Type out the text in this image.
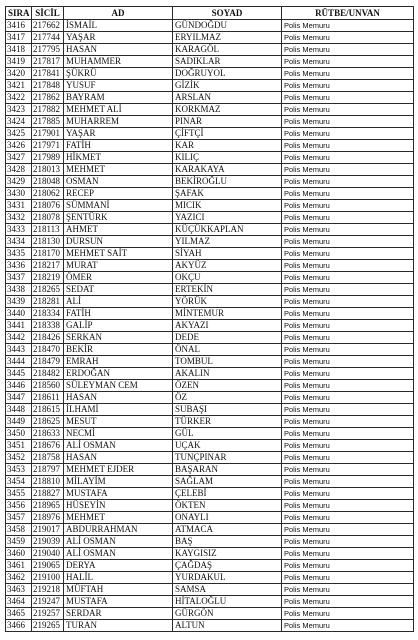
SIRA	SİCİL	AD	SOYAD	RÜTBE/UNVAN
3416	217662	İSMAİL	GÜNDOĞDU	Polis Memuru
3417	217744	YAŞAR	ERYILMAZ	Polis Memuru
3418	217795	HASAN	KARAGÖL	Polis Memuru
3419	217817	MUHAMMER	SADIKLAR	Polis Memuru
3420	217841	ŞÜKRÜ	DOĞRUYOL	Polis Memuru
3421	217848	YUSUF	GİZİK	Polis Memuru
3422	217862	BAYRAM	ARSLAN	Polis Memuru
3423	217882	MEHMET ALİ	KORKMAZ	Polis Memuru
3424	217885	MUHARREM	PINAR	Polis Memuru
3425	217901	YAŞAR	ÇİFTÇİ	Polis Memuru
3426	217971	FATİH	KAR	Polis Memuru
3427	217989	HİKMET	KILIÇ	Polis Memuru
3428	218013	MEHMET	KARAKAYA	Polis Memuru
3429	218048	OSMAN	BEKİROĞLU	Polis Memuru
3430	218062	RECEP	ŞAFAK	Polis Memuru
3431	218076	SÜMMANİ	MICIK	Polis Memuru
3432	218078	ŞENTÜRK	YAZICI	Polis Memuru
3433	218113	AHMET	KÜÇÜKKAPLAN	Polis Memuru
3434	218130	DURSUN	YILMAZ	Polis Memuru
3435	218170	MEHMET SAİT	SİYAH	Polis Memuru
3436	218217	MURAT	AKYÜZ	Polis Memuru
3437	218219	ÖMER	OKÇU	Polis Memuru
3438	218265	SEDAT	ERTEKİN	Polis Memuru
3439	218281	ALİ	YÖRÜK	Polis Memuru
3440	218334	FATİH	MİNTEMUR	Polis Memuru
3441	218338	GALİP	AKYAZI	Polis Memuru
3442	218426	SERKAN	DEDE	Polis Memuru
3443	218470	BEKİR	ÖNAL	Polis Memuru
3444	218479	EMRAH	TOMBUL	Polis Memuru
3445	218482	ERDOĞAN	AKALIN	Polis Memuru
3446	218560	SÜLEYMAN CEM	ÖZEN	Polis Memuru
3447	218611	HASAN	ÖZ	Polis Memuru
3448	218615	İLHAMİ	SUBAŞI	Polis Memuru
3449	218625	MESUT	TÜRKER	Polis Memuru
3450	218633	NECMİ	GÜL	Polis Memuru
3451	218676	ALİ OSMAN	UÇAK	Polis Memuru
3452	218758	HASAN	TUNÇPINAR	Polis Memuru
3453	218797	MEHMET EJDER	BAŞARAN	Polis Memuru
3454	218810	MİLAYİM	SAĞLAM	Polis Memuru
3455	218827	MUSTAFA	ÇELEBİ	Polis Memuru
3456	218965	HÜSEYİN	ÖKTEN	Polis Memuru
3457	218976	MEHMET	ONAYLI	Polis Memuru
3458	219017	ABDURRAHMAN	ATMACA	Polis Memuru
3459	219039	ALİ OSMAN	BAŞ	Polis Memuru
3460	219040	ALİ OSMAN	KAYGISIZ	Polis Memuru
3461	219065	DERYA	ÇAĞDAŞ	Polis Memuru
3462	219100	HALİL	YURDAKUL	Polis Memuru
3463	219218	MÜFTAH	SAMSA	Polis Memuru
3464	219247	MUSTAFA	HİTALOĞLU	Polis Memuru
3465	219257	SERDAR	GÜRGÖN	Polis Memuru
3466	219265	TURAN	ALTUN	Polis Memuru
